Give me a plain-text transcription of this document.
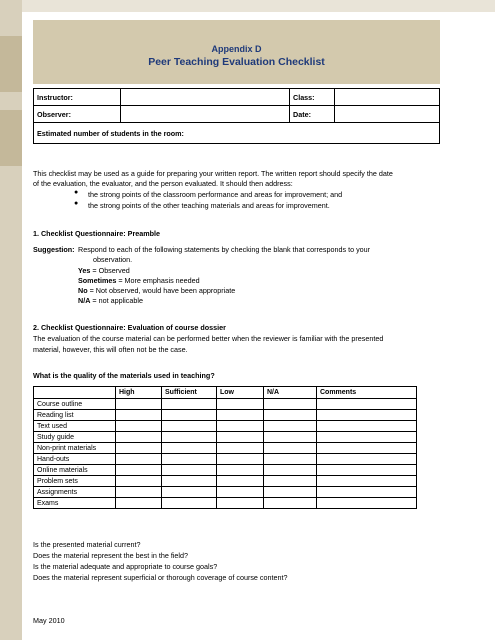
Appendix D
Peer Teaching Evaluation Checklist
Instructor:		Class:	
Observer:		Date:	
Estimated number of students in the room:			
This checklist may be used as a guide for preparing your written report. The written report should specify the date
of the evaluation, the evaluator, and the person evaluated. It should then address:
● the strong points of the classroom performance and areas for improvement; and
● the strong points of the other teaching materials and areas for improvement.
1. Checklist Questionnaire: Preamble
Suggestion: Respond to each of the following statements by checking the blank that corresponds to your
observation.
Yes = Observed
Sometimes = More emphasis needed
No = Not observed, would have been appropriate
N/A = not applicable
2. Checklist Questionnaire: Evaluation of course dossier
The evaluation of the course material can be performed better when the reviewer is familiar with the presented
material, however, this will often not be the case.
What is the quality of the materials used in teaching?
	High	Sufficient	Low	N/A	Comments
Course outline					
Reading list					
Text used					
Study guide					
Non-print materials					
Hand-outs					
Online materials					
Problem sets					
Assignments					
Exams					
Is the presented material current?
Does the material represent the best in the field?
Is the material adequate and appropriate to course goals?
Does the material represent superficial or thorough coverage of course content?
May 2010
